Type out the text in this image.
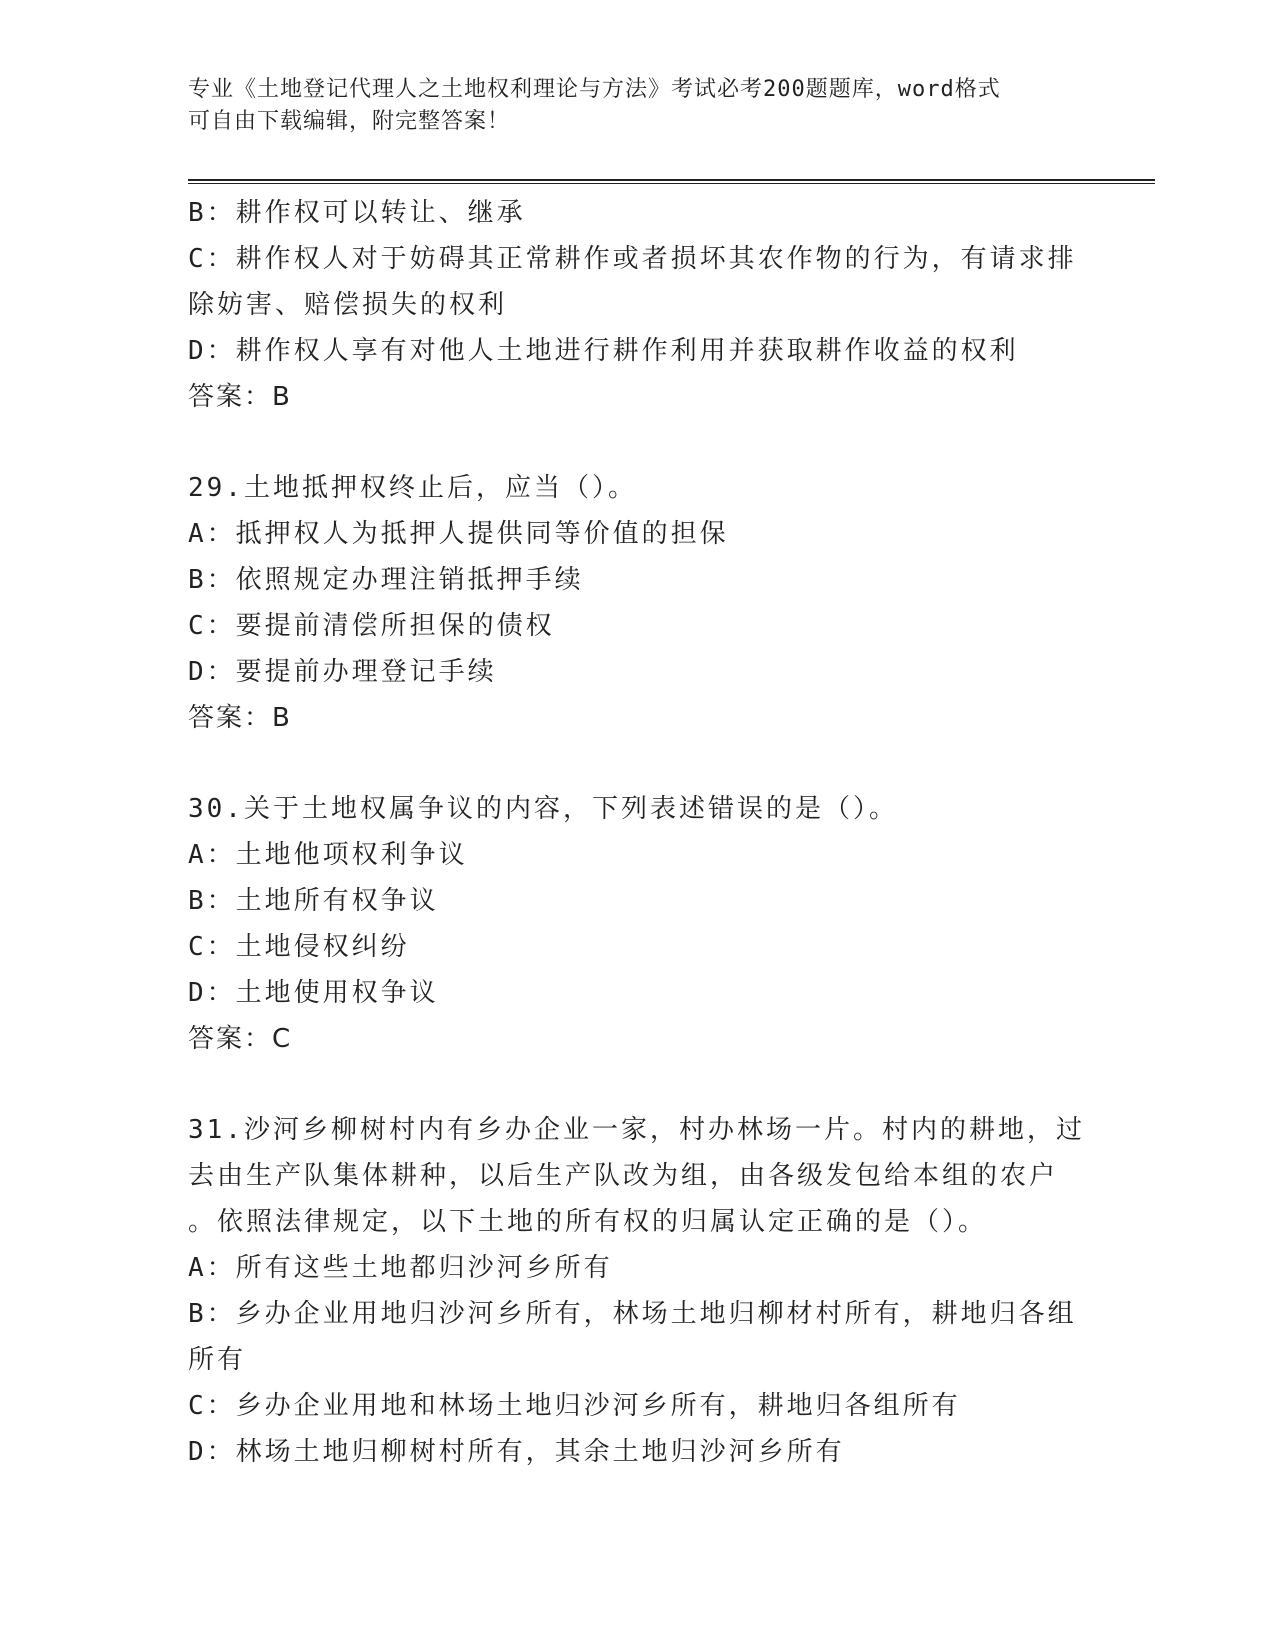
专业《土地登记代理人之土地权利理论与方法》考试必考200题题库，word格式
可自由下载编辑，附完整答案！
B：耕作权可以转让、继承
C：耕作权人对于妨碍其正常耕作或者损坏其农作物的行为，有请求排
除妨害、赔偿损失的权利
D：耕作权人享有对他人土地进行耕作利用并获取耕作收益的权利
答案：B
29.土地抵押权终止后，应当（）。
A：抵押权人为抵押人提供同等价值的担保
B：依照规定办理注销抵押手续
C：要提前清偿所担保的债权
D：要提前办理登记手续
答案：B
30.关于土地权属争议的内容，下列表述错误的是（）。
A：土地他项权利争议
B：土地所有权争议
C：土地侵权纠纷
D：土地使用权争议
答案：C
31.沙河乡柳树村内有乡办企业一家，村办林场一片。村内的耕地，过
去由生产队集体耕种，以后生产队改为组，由各级发包给本组的农户
。依照法律规定，以下土地的所有权的归属认定正确的是（）。
A：所有这些土地都归沙河乡所有
B：乡办企业用地归沙河乡所有，林场土地归柳材村所有，耕地归各组
所有
C：乡办企业用地和林场土地归沙河乡所有，耕地归各组所有
D：林场土地归柳树村所有，其余土地归沙河乡所有
